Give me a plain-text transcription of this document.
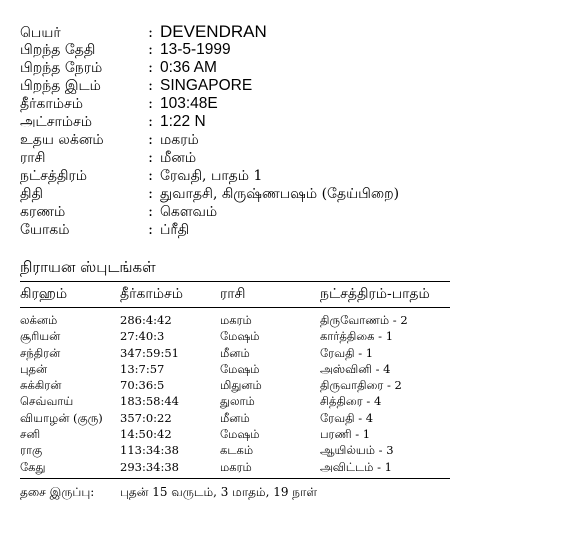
பெயர்	: DEVENDRAN
பிறந்த தேதி	: 13-5-1999
பிறந்த நேரம்	: 0:36 AM
பிறந்த இடம்	: SINGAPORE
தீர்காம்சம்	: 103:48E
அட்சாம்சம்	: 1:22 N
உதய லக்னம்	: மகரம்
ராசி	: மீனம்
நட்சத்திரம்	: ரேவதி, பாதம் 1
திதி	: துவாதசி, கிருஷ்ணபஷம் (தேய்பிறை)
கரணம்	: கௌவம்
யோகம்	: ப்ரீதி
நிராயன ஸ்புடங்கள்
கிரஹம்	தீர்காம்சம்	ராசி	நட்சத்திரம்-பாதம்
லக்னம்	286:4:42	மகரம்	திருவோணம் - 2
சூரியன்	27:40:3	மேஷம்	கார்த்திகை - 1
சந்திரன்	347:59:51	மீனம்	ரேவதி - 1
புதன்	13:7:57	மேஷம்	அஸ்வினி - 4
சுக்கிரன்	70:36:5	மிதுனம்	திருவாதிரை - 2
செவ்வாய்	183:58:44	துலாம்	சித்திரை - 4
வியாழன் (குரு) 357:0:22	மீனம்	ரேவதி - 4
சனி	14:50:42	மேஷம்	பரணி - 1
ராகு	113:34:38	கடகம்	ஆயில்யம் - 3
கேது	293:34:38	மகரம்	அவிட்டம் - 1
தசை இருப்பு:	புதன் 15 வருடம், 3 மாதம், 19 நாள்
